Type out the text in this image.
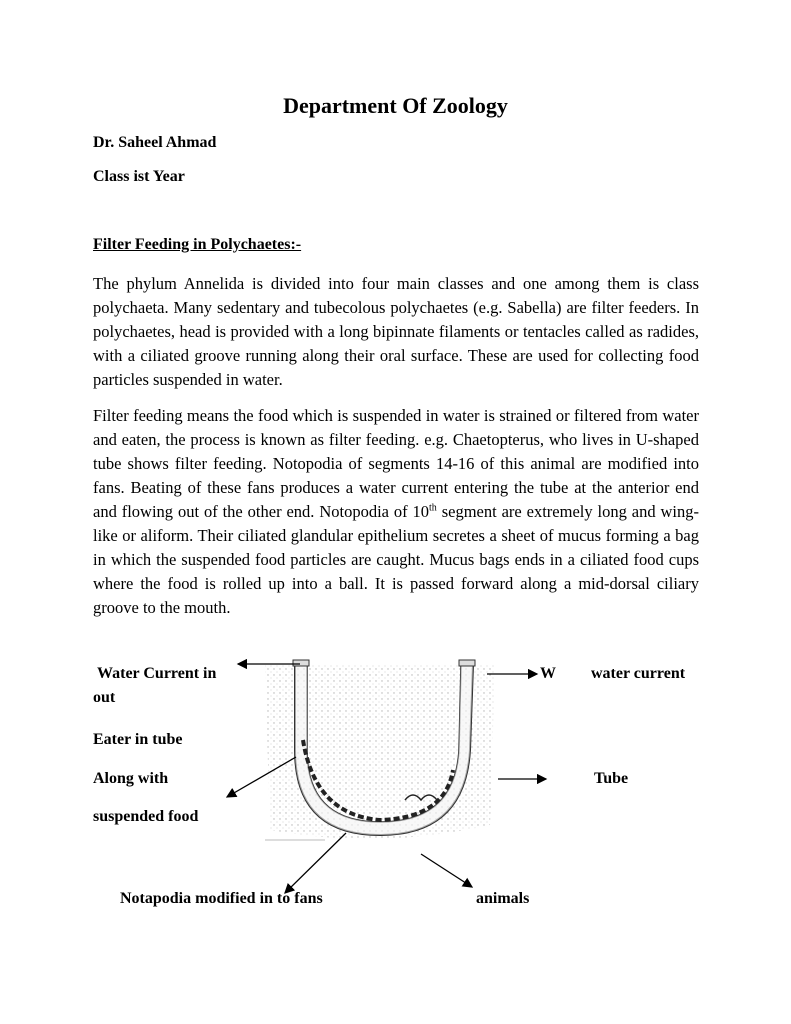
Department Of Zoology
Dr. Saheel Ahmad
Class ist Year
Filter Feeding in Polychaetes:-

The phylum Annelida is divided into four main classes and one among them is class polychaeta. Many sedentary and tubecolous polychaetes (e.g. Sabella) are filter feeders. In polychaetes, head is provided with a long bipinnate filaments or tentacles called as radides, with a ciliated groove running along their oral surface. These are used for collecting food particles suspended in water.

Filter feeding means the food which is suspended in water is strained or filtered from water and eaten, the process is known as filter feeding. e.g. Chaetopterus, who lives in U-shaped tube shows filter feeding. Notopodia of segments 14-16 of this animal are modified into fans. Beating of these fans produces a water current entering the tube at the anterior end and flowing out of the other end. Notopodia of 10th segment are extremely long and wing-like or aliform. Their ciliated glandular epithelium secretes a sheet of mucus forming a bag in which the suspended food particles are caught. Mucus bags ends in a ciliated food cups where the food is rolled up into a ball. It is passed forward along a mid-dorsal ciliary groove to the mouth.

Water Current in
out
W water current
Eater in tube
Along with	Tube
suspended food
Notapodia modified in to fans	animals
